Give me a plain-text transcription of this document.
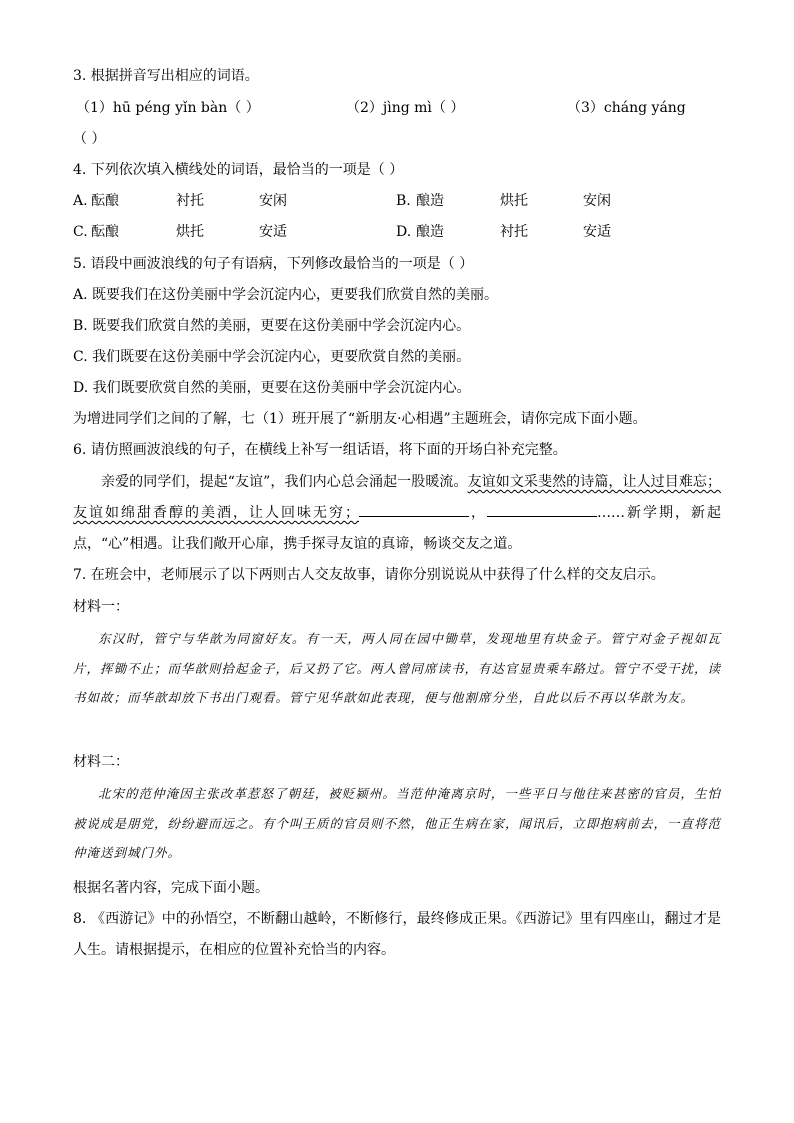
3. 根据拼音写出相应的词语。
（1）hū péng yǐn bàn（ ）	（2）jìng mì（ ）	（3）cháng yáng
（ ）
4. 下列依次填入横线处的词语，最恰当的一项是（ ）
A. 酝酿	衬托	安闲	B. 酿造	烘托	安闲
C. 酝酿	烘托	安适	D. 酿造	衬托	安适
5. 语段中画波浪线的句子有语病，下列修改最恰当的一项是（ ）
A. 既要我们在这份美丽中学会沉淀内心，更要我们欣赏自然的美丽。
B. 既要我们欣赏自然的美丽，更要在这份美丽中学会沉淀内心。
C. 我们既要在这份美丽中学会沉淀内心，更要欣赏自然的美丽。
D. 我们既要欣赏自然的美丽，更要在这份美丽中学会沉淀内心。
为增进同学们之间的了解，七（1）班开展了“新朋友·心相遇”主题班会，请你完成下面小题。
6. 请仿照画波浪线的句子，在横线上补写一组话语，将下面的开场白补充完整。
亲爱的同学们，提起“友谊”，我们内心总会涌起一股暖流。友谊如文采斐然的诗篇，让人过目难忘；友谊如绵甜香醇的美酒，让人回味无穷；	，	……新学期，新起点，“心”相遇。让我们敞开心扉，携手探寻友谊的真谛，畅谈交友之道。
7. 在班会中，老师展示了以下两则古人交友故事，请你分别说说从中获得了什么样的交友启示。
材料一：
东汉时，管宁与华歆为同窗好友。有一天，两人同在园中锄草，发现地里有块金子。管宁对金子视如瓦片，挥锄不止；而华歆则拾起金子，后又扔了它。两人曾同席读书，有达官显贵乘车路过。管宁不受干扰，读书如故；而华歆却放下书出门观看。管宁见华歆如此表现，便与他割席分坐，自此以后不再以华歆为友。
材料二：
北宋的范仲淹因主张改革惹怒了朝廷，被贬颍州。当范仲淹离京时，一些平日与他往来甚密的官员，生怕被说成是朋党，纷纷避而远之。有个叫王质的官员则不然，他正生病在家，闻讯后，立即抱病前去，一直将范仲淹送到城门外。
根据名著内容，完成下面小题。
8. 《西游记》中的孙悟空，不断翻山越岭，不断修行，最终修成正果。《西游记》里有四座山，翻过才是人生。请根据提示，在相应的位置补充恰当的内容。
